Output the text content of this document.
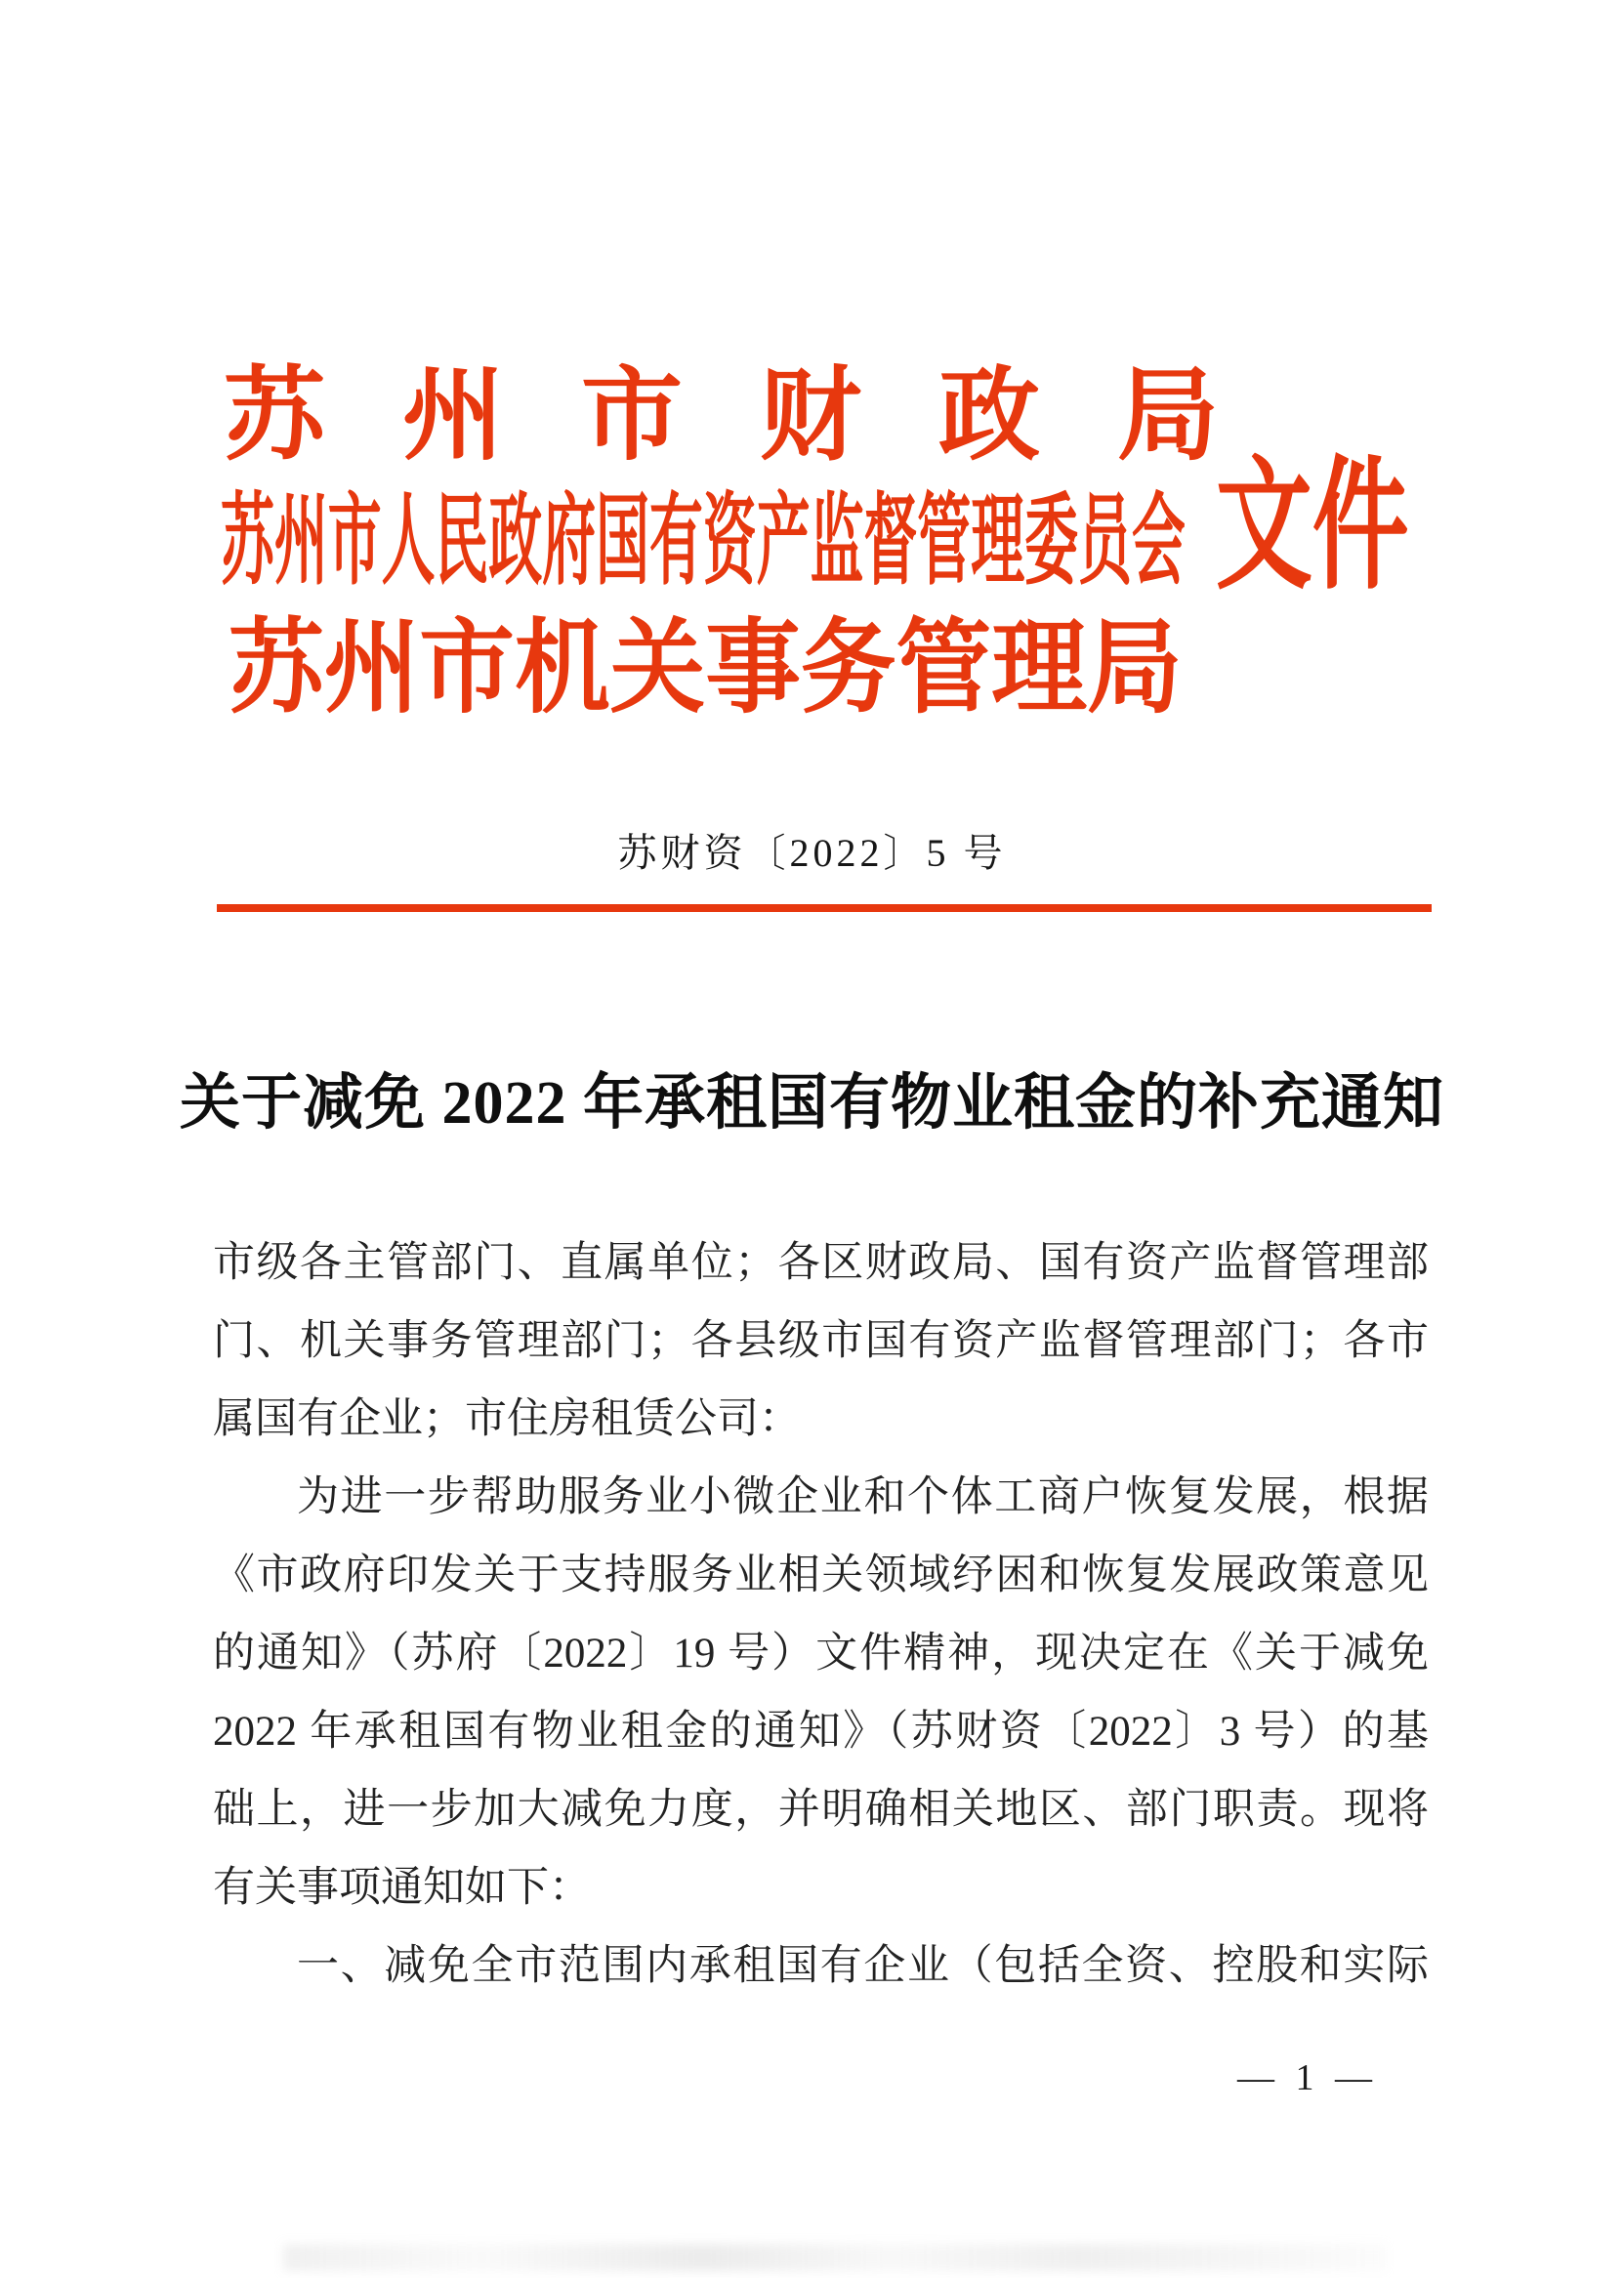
苏州市财政局
苏州市人民政府国有资产监督管理委员会 文件
苏州市机关事务管理局
苏财资〔2022〕5 号
关于减免 2022 年承租国有物业租金的补充通知
市级各主管部门、直属单位；各区财政局、国有资产监督管理部
门、机关事务管理部门；各县级市国有资产监督管理部门；各市
属国有企业；市住房租赁公司：
为进一步帮助服务业小微企业和个体工商户恢复发展，根据
《市政府印发关于支持服务业相关领域纾困和恢复发展政策意见
的通知》（苏府〔2022〕19 号）文件精神，现决定在《关于减免
2022 年承租国有物业租金的通知》（苏财资〔2022〕3 号）的基
础上，进一步加大减免力度，并明确相关地区、部门职责。现将
有关事项通知如下：
一、减免全市范围内承租国有企业（包括全资、控股和实际
— 1 —
